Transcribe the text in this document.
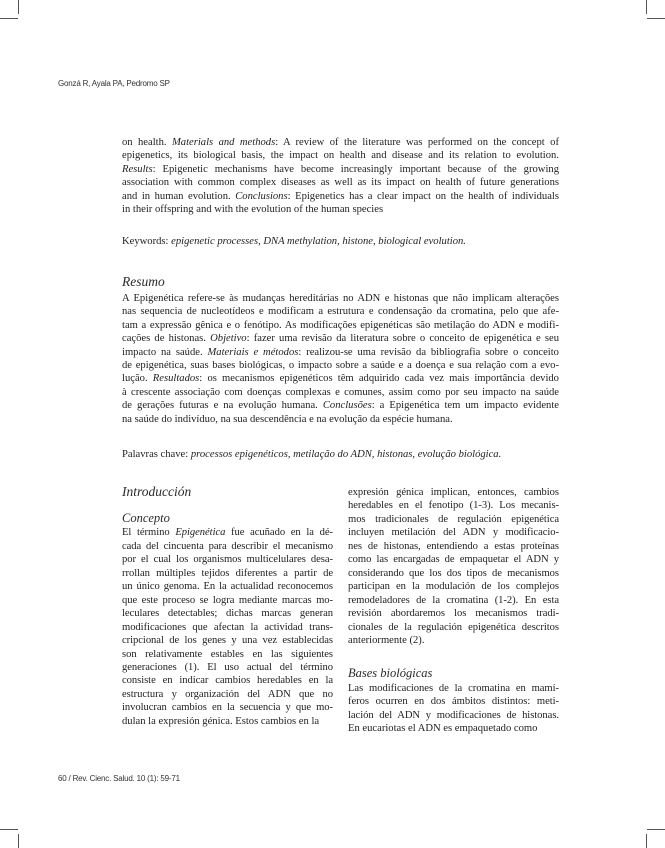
Gonzá R, Ayala PA, Pedromo SP
on health. Materials and methods: A review of the literature was performed on the concept of
epigenetics, its biological basis, the impact on health and disease and its relation to evolution.
Results: Epigenetic mechanisms have become increasingly important because of the growing
association with common complex diseases as well as its impact on health of future generations
and in human evolution. Conclusions: Epigenetics has a clear impact on the health of individuals
in their offspring and with the evolution of the human species
Keywords: epigenetic processes, DNA methylation, histone, biological evolution.
Resumo
A Epigenética refere-se às mudanças hereditárias no ADN e histonas que não implicam alterações
nas sequencia de nucleotídeos e modificam a estrutura e condensação da cromatina, pelo que afe-
tam a expressão gênica e o fenótipo. As modificações epigenéticas são metilação do ADN e modifi-
cações de histonas. Objetivo: fazer uma revisão da literatura sobre o conceito de epigenética e seu
impacto na saúde. Materiais e métodos: realizou-se uma revisão da bibliografia sobre o conceito
de epigenética, suas bases biológicas, o impacto sobre a saúde e a doença e sua relação com a evo-
lução. Resultados: os mecanismos epigenéticos têm adquirido cada vez mais importância devido
à crescente associação com doenças complexas e comunes, assim como por seu impacto na saúde
de gerações futuras e na evolução humana. Conclusões: a Epigenética tem um impacto evidente
na saúde do indivíduo, na sua descendência e na evolução da espécie humana.
Palavras chave: processos epigenéticos, metilação do ADN, histonas, evolução biológica.
Introducción
Concepto
El término Epigenética fue acuñado en la dé-
cada del cincuenta para describir el mecanismo
por el cual los organismos multicelulares desa-
rrollan múltiples tejidos diferentes a partir de
un único genoma. En la actualidad reconocemos
que este proceso se logra mediante marcas mo-
leculares detectables; dichas marcas generan
modificaciones que afectan la actividad trans-
cripcional de los genes y una vez establecidas
son relativamente estables en las siguientes
generaciones (1). El uso actual del término
consiste en indicar cambios heredables en la
estructura y organización del ADN que no
involucran cambios en la secuencia y que mo-
dulan la expresión génica. Estos cambios en la
expresión génica implican, entonces, cambios
heredables en el fenotipo (1-3). Los mecanis-
mos tradicionales de regulación epigenética
incluyen metilación del ADN y modificacio-
nes de histonas, entendiendo a estas proteínas
como las encargadas de empaquetar el ADN y
considerando que los dos tipos de mecanismos
participan en la modulación de los complejos
remodeladores de la cromatina (1-2). En esta
revisión abordaremos los mecanismos tradi-
cionales de la regulación epigenética descritos
anteriormente (2).
Bases biológicas
Las modificaciones de la cromatina en mamí-
feros ocurren en dos ámbitos distintos: meti-
lación del ADN y modificaciones de histonas.
En eucariotas el ADN es empaquetado como
60 / Rev. Cienc. Salud. 10 (1): 59-71
